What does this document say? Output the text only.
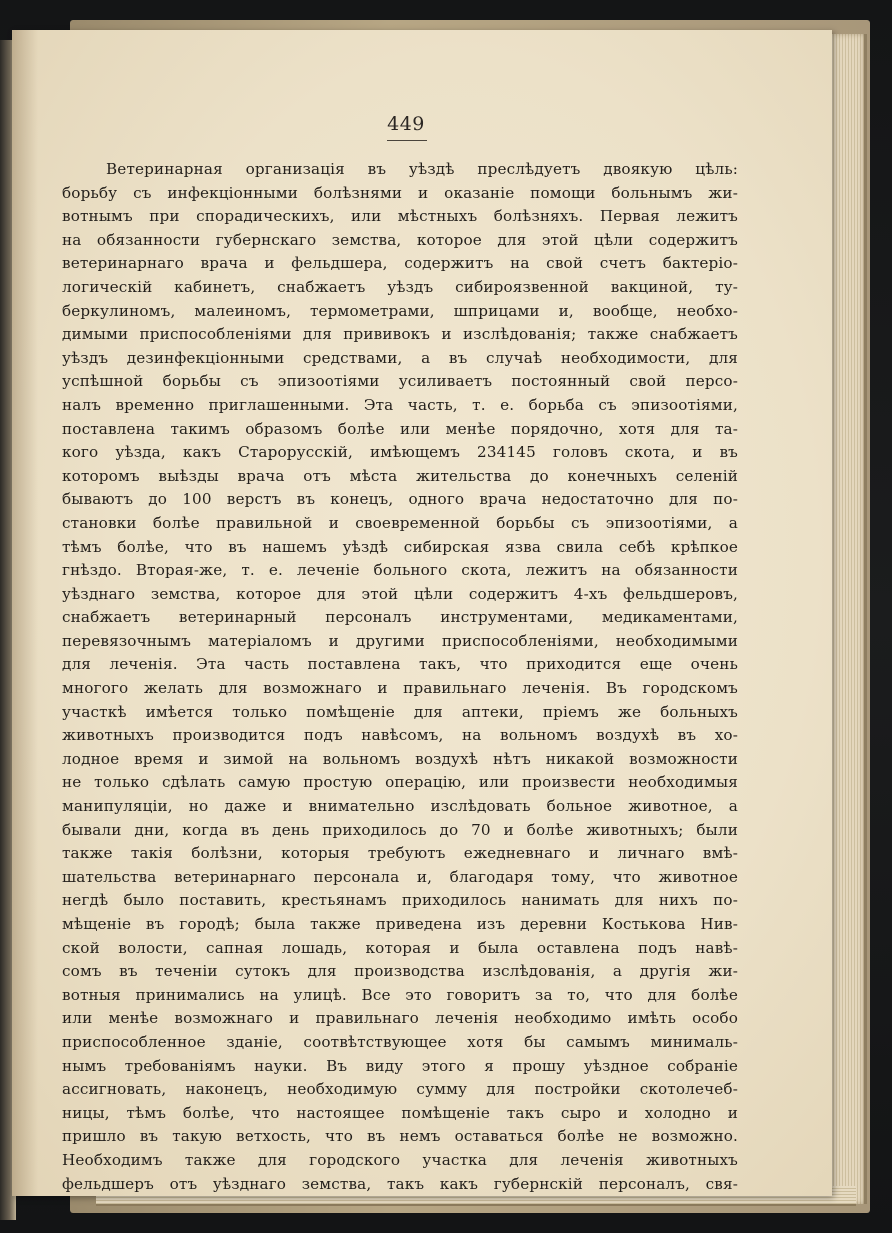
449
Ветеринарная организація въ уѣздѣ преслѣдуетъ двоякую цѣль:
борьбу съ инфекціонными болѣзнями и оказаніе помощи больнымъ жи-
вотнымъ при спорадическихъ, или мѣстныхъ болѣзняхъ. Первая лежитъ
на обязанности губернскаго земства, которое для этой цѣли содержитъ
ветеринарнаго врача и фельдшера, содержитъ на свой счетъ бактеріо-
логическій кабинетъ, снабжаетъ уѣздъ сибироязвенной вакциной, ту-
беркулиномъ, малеиномъ, термометрами, шприцами и, вообще, необхо-
димыми приспособленіями для прививокъ и изслѣдованія; также снабжаетъ
уѣздъ дезинфекціонными средствами, а въ случаѣ необходимости, для
успѣшной борьбы съ эпизоотіями усиливаетъ постоянный свой персо-
налъ временно приглашенными. Эта часть, т. е. борьба съ эпизоотіями,
поставлена такимъ образомъ болѣе или менѣе порядочно, хотя для та-
кого уѣзда, какъ Старорусскій, имѣющемъ 234145 головъ скота, и въ
которомъ выѣзды врача отъ мѣста жительства до конечныхъ селеній
бываютъ до 100 верстъ въ конецъ, одного врача недостаточно для по-
становки болѣе правильной и своевременной борьбы съ эпизоотіями, а
тѣмъ болѣе, что въ нашемъ уѣздѣ сибирская язва свила себѣ крѣпкое
гнѣздо. Вторая-же, т. е. леченіе больного скота, лежитъ на обязанности
уѣзднаго земства, которое для этой цѣли содержитъ 4-хъ фельдшеровъ,
снабжаетъ ветеринарный персоналъ инструментами, медикаментами,
перевязочнымъ матеріаломъ и другими приспособленіями, необходимыми
для леченія. Эта часть поставлена такъ, что приходится еще очень
многого желать для возможнаго и правильнаго леченія. Въ городскомъ
участкѣ имѣется только помѣщеніе для аптеки, пріемъ же больныхъ
животныхъ производится подъ навѣсомъ, на вольномъ воздухѣ въ хо-
лодное время и зимой на вольномъ воздухѣ нѣтъ никакой возможности
не только сдѣлать самую простую операцію, или произвести необходимыя
манипуляціи, но даже и внимательно изслѣдовать больное животное, а
бывали дни, когда въ день приходилось до 70 и болѣе животныхъ; были
также такія болѣзни, которыя требуютъ ежедневнаго и личнаго вмѣ-
шательства ветеринарнаго персонала и, благодаря тому, что животное
негдѣ было поставить, крестьянамъ приходилось нанимать для нихъ по-
мѣщеніе въ городѣ; была также приведена изъ деревни Костькова Нив-
ской волости, сапная лошадь, которая и была оставлена подъ навѣ-
сомъ въ теченіи сутокъ для производства изслѣдованія, а другія жи-
вотныя принимались на улицѣ. Все это говоритъ за то, что для болѣе
или менѣе возможнаго и правильнаго леченія необходимо имѣть особо
приспособленное зданіе, соотвѣтствующее хотя бы самымъ минималь-
нымъ требованіямъ науки. Въ виду этого я прошу уѣздное собраніе
ассигновать, наконецъ, необходимую сумму для постройки скотолечеб-
ницы, тѣмъ болѣе, что настоящее помѣщеніе такъ сыро и холодно и
пришло въ такую ветхость, что въ немъ оставаться болѣе не возможно.
Необходимъ также для городского участка для леченія животныхъ
фельдшеръ отъ уѣзднаго земства, такъ какъ губернскій персоналъ, свя-
